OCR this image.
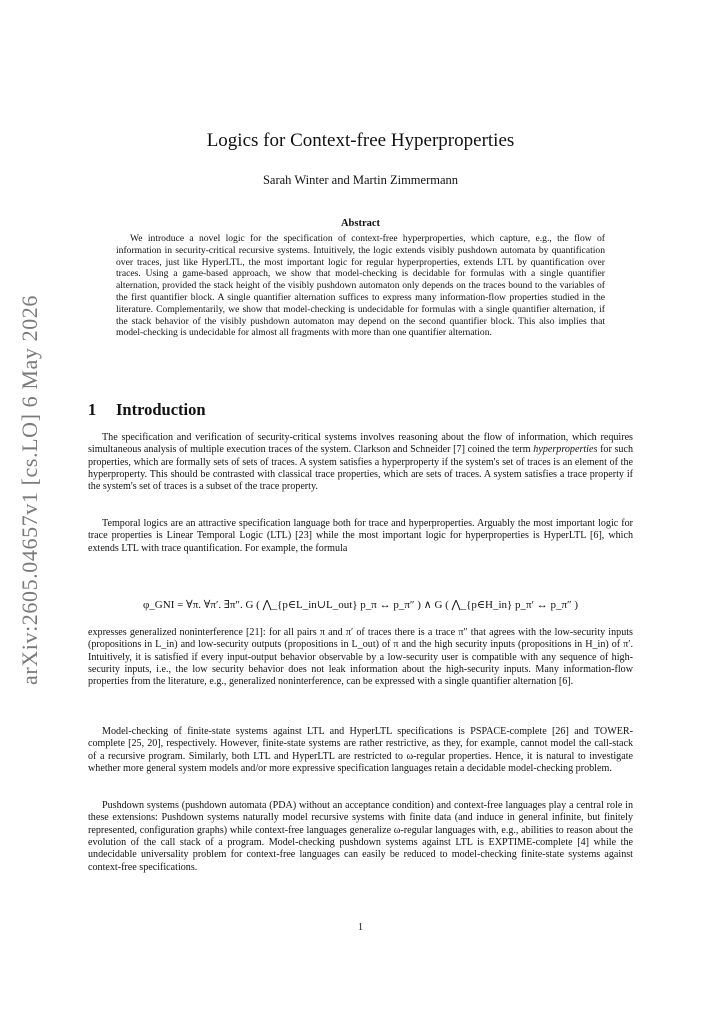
arXiv:2605.04657v1 [cs.LO] 6 May 2026
Logics for Context-free Hyperproperties
Sarah Winter and Martin Zimmermann
Abstract
We introduce a novel logic for the specification of context-free hyperproperties, which capture, e.g., the flow of information in security-critical recursive systems. Intuitively, the logic extends visibly pushdown automata by quantification over traces, just like HyperLTL, the most important logic for regular hyperproperties, extends LTL by quantification over traces. Using a game-based approach, we show that model-checking is decidable for formulas with a single quantifier alternation, provided the stack height of the visibly pushdown automaton only depends on the traces bound to the variables of the first quantifier block. A single quantifier alternation suffices to express many information-flow properties studied in the literature. Complementarily, we show that model-checking is undecidable for formulas with a single quantifier alternation, if the stack behavior of the visibly pushdown automaton may depend on the second quantifier block. This also implies that model-checking is undecidable for almost all fragments with more than one quantifier alternation.
1 Introduction
The specification and verification of security-critical systems involves reasoning about the flow of information, which requires simultaneous analysis of multiple execution traces of the system. Clarkson and Schneider [7] coined the term hyperproperties for such properties, which are formally sets of sets of traces. A system satisfies a hyperproperty if the system's set of traces is an element of the hyperproperty. This should be contrasted with classical trace properties, which are sets of traces. A system satisfies a trace property if the system's set of traces is a subset of the trace property.
Temporal logics are an attractive specification language both for trace and hyperproperties. Arguably the most important logic for trace properties is Linear Temporal Logic (LTL) [23] while the most important logic for hyperproperties is HyperLTL [6], which extends LTL with trace quantification. For example, the formula
φ_GNI = ∀π. ∀π′. ∃π″. G ( ⋀_{p∈L_in∪L_out} p_π ↔ p_π″ ) ∧ G ( ⋀_{p∈H_in} p_π′ ↔ p_π″ )
expresses generalized noninterference [21]: for all pairs π and π′ of traces there is a trace π″ that agrees with the low-security inputs (propositions in L_in) and low-security outputs (propositions in L_out) of π and the high security inputs (propositions in H_in) of π′. Intuitively, it is satisfied if every input-output behavior observable by a low-security user is compatible with any sequence of high-security inputs, i.e., the low security behavior does not leak information about the high-security inputs. Many information-flow properties from the literature, e.g., generalized noninterference, can be expressed with a single quantifier alternation [6].
Model-checking of finite-state systems against LTL and HyperLTL specifications is PSPACE-complete [26] and TOWER-complete [25, 20], respectively. However, finite-state systems are rather restrictive, as they, for example, cannot model the call-stack of a recursive program. Similarly, both LTL and HyperLTL are restricted to ω-regular properties. Hence, it is natural to investigate whether more general system models and/or more expressive specification languages retain a decidable model-checking problem.
Pushdown systems (pushdown automata (PDA) without an acceptance condition) and context-free languages play a central role in these extensions: Pushdown systems naturally model recursive systems with finite data (and induce in general infinite, but finitely represented, configuration graphs) while context-free languages generalize ω-regular languages with, e.g., abilities to reason about the evolution of the call stack of a program. Model-checking pushdown systems against LTL is EXPTIME-complete [4] while the undecidable universality problem for context-free languages can easily be reduced to model-checking finite-state systems against context-free specifications.
1
